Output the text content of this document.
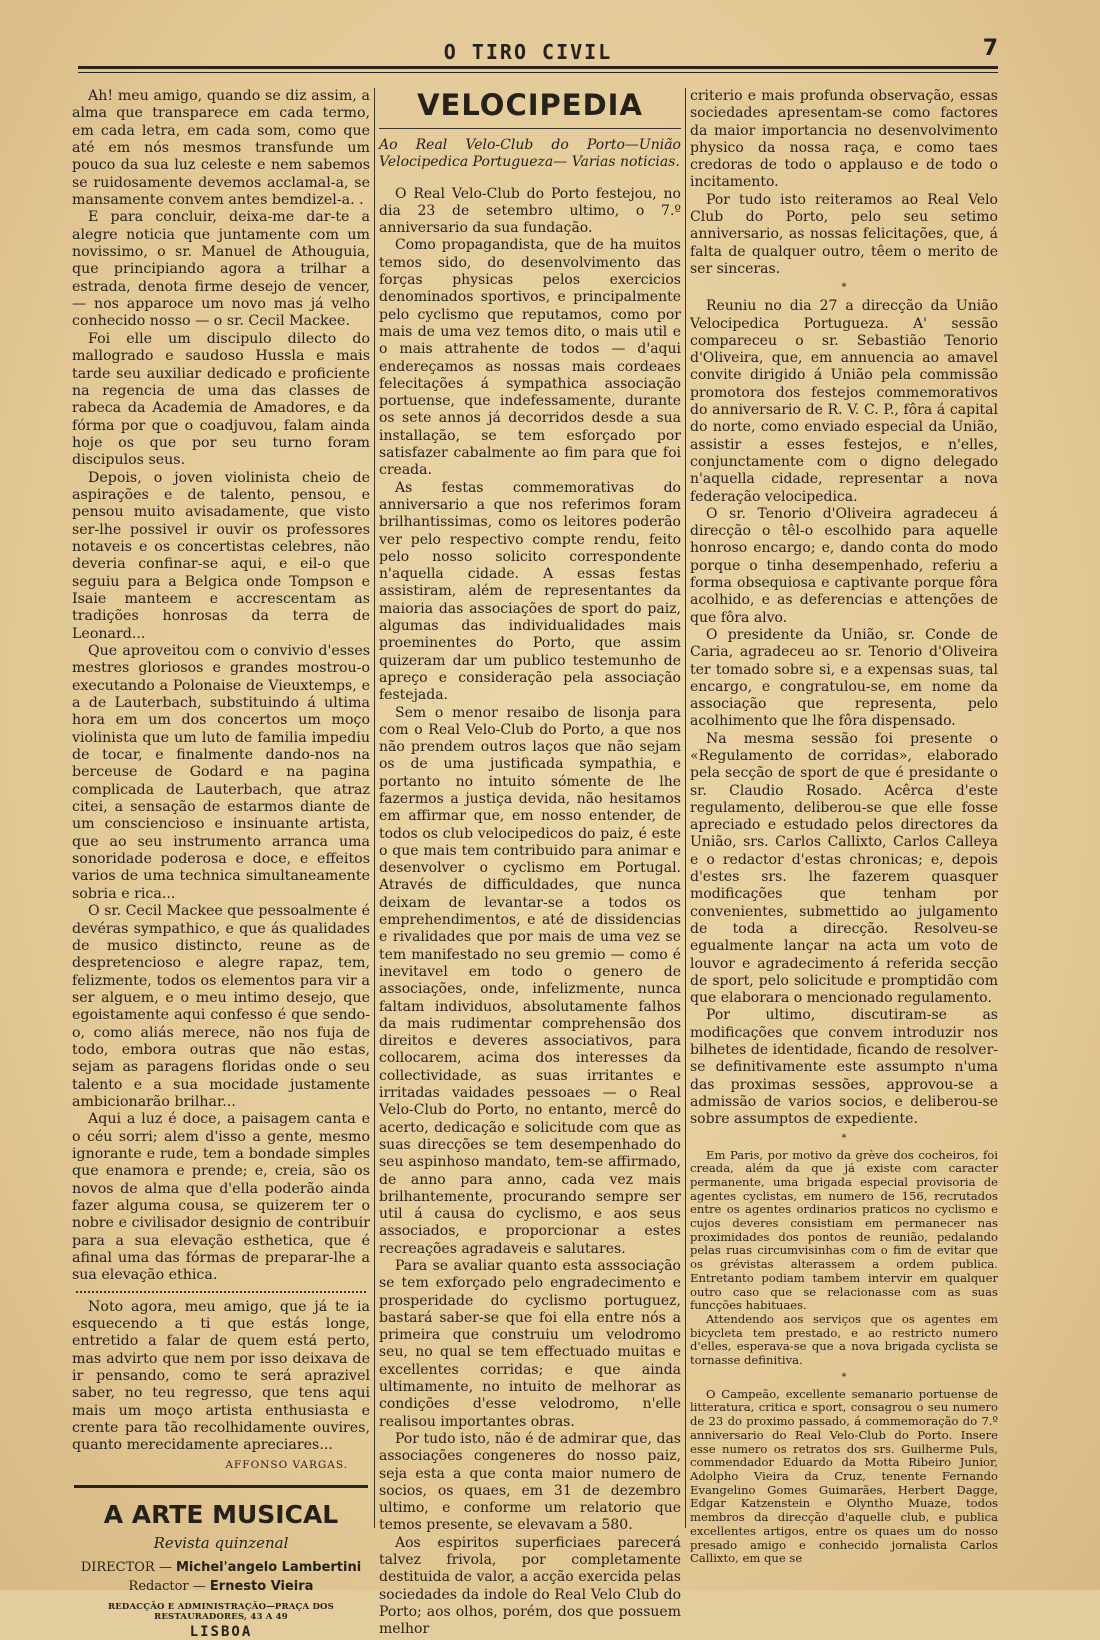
O TIRO CIVIL	7

Ah! meu amigo, quando se diz assim, a alma que transparece em cada termo, em cada letra, em cada som, como que até em nós mesmos transfunde um pouco da sua luz celeste e nem sabemos se ruidosamente devemos acclamal-a, se mansamente convem antes bemdizel-a. .

E para concluir, deixa-me dar-te a alegre noticia que juntamente com um novissimo, o sr. Manuel de Athouguia, que principiando agora a trilhar a estrada, denota firme desejo de vencer, — nos apparoce um novo mas já velho conhecido nosso — o sr. Cecil Mackee.

Foi elle um discipulo dilecto do mallogrado e saudoso Hussla e mais tarde seu auxiliar dedicado e proficiente na regencia de uma das classes de rabeca da Academia de Amadores, e da fórma por que o coadjuvou, falam ainda hoje os que por seu turno foram discipulos seus.

Depois, o joven violinista cheio de aspirações e de talento, pensou, e pensou muito avisadamente, que visto ser-lhe possivel ir ouvir os professores notaveis e os concertistas celebres, não deveria confinar-se aqui, e eil-o que seguiu para a Belgica onde Tompson e Isaie manteem e accrescentam as tradições honrosas da terra de Leonard...

Que aproveitou com o convivio d'esses mestres gloriosos e grandes mostrou-o executando a Polonaise de Vieuxtemps, e a de Lauterbach, substituindo á ultima hora em um dos concertos um moço violinista que um luto de familia impediu de tocar, e finalmente dando-nos na berceuse de Godard e na pagina complicada de Lauterbach, que atraz citei, a sensação de estarmos diante de um consciencioso e insinuante artista, que ao seu instrumento arranca uma sonoridade poderosa e doce, e effeitos varios de uma technica simultaneamente sobria e rica...

O sr. Cecil Mackee que pessoalmente é devéras sympathico, e que ás qualidades de musico distincto, reune as de despretencioso e alegre rapaz, tem, felizmente, todos os elementos para vir a ser alguem, e o meu intimo desejo, que egoistamente aqui confesso é que sendo-o, como aliás merece, não nos fuja de todo, embora outras que não estas, sejam as paragens floridas onde o seu talento e a sua mocidade justamente ambicionarão brilhar...

Aqui a luz é doce, a paisagem canta e o céu sorri; alem d'isso a gente, mesmo ignorante e rude, tem a bondade simples que enamora e prende; e, creia, são os novos de alma que d'ella poderão ainda fazer alguma cousa, se quizerem ter o nobre e civilisador designio de contribuir para a sua elevação esthetica, que é afinal uma das fórmas de preparar-lhe a sua elevação ethica.

Noto agora, meu amigo, que já te ia esquecendo a ti que estás longe, entretido a falar de quem está perto, mas advirto que nem por isso deixava de ir pensando, como te será aprazivel saber, no teu regresso, que tens aqui mais um moço artista enthusiasta e crente para tão recolhidamente ouvires, quanto merecidamente apreciares...

AFFONSO VARGAS.
A ARTE MUSICAL
Revista quinzenal
DIRECTOR — Michel'angelo Lambertini
Redactor — Ernesto Vieira
REDACÇÃO E ADMINISTRAÇÃO—PRAÇA DOS RESTAURADORES, 43 A 49
LISBOA
VELOCIPEDIA

Ao Real Velo-Club do Porto—União Velocipedica Portugueza— Varias noticias.

O Real Velo-Club do Porto festejou, no dia 23 de setembro ultimo, o 7.º anniversario da sua fundação.

Como propagandista, que de ha muitos temos sido, do desenvolvimento das forças physicas pelos exercicios denominados sportivos, e principalmente pelo cyclismo que reputamos, como por mais de uma vez temos dito, o mais util e o mais attrahente de todos — d'aqui endereçamos as nossas mais cordeaes felecitações á sympathica associação portuense, que indefessamente, durante os sete annos já decorridos desde a sua installação, se tem esforçado por satisfazer cabalmente ao fim para que foi creada.

As festas commemorativas do anniversario a que nos referimos foram brilhantissimas, como os leitores poderão ver pelo respectivo compte rendu, feito pelo nosso solicito correspondente n'aquella cidade. A essas festas assistiram, além de representantes da maioria das associações de sport do paiz, algumas das individualidades mais proeminentes do Porto, que assim quizeram dar um publico testemunho de apreço e consideração pela associação festejada.

Sem o menor resaibo de lisonja para com o Real Velo-Club do Porto, a que nos não prendem outros laços que não sejam os de uma justificada sympathia, e portanto no intuito sómente de lhe fazermos a justiça devida, não hesitamos em affirmar que, em nosso entender, de todos os club velocipedicos do paiz, é este o que mais tem contribuido para animar e desenvolver o cyclismo em Portugal. Através de difficuldades, que nunca deixam de levantar-se a todos os emprehendimentos, e até de dissidencias e rivalidades que por mais de uma vez se tem manifestado no seu gremio — como é inevitavel em todo o genero de associações, onde, infelizmente, nunca faltam individuos, absolutamente falhos da mais rudimentar comprehensão dos direitos e deveres associativos, para collocarem, acima dos interesses da collectividade, as suas irritantes e irritadas vaidades pessoaes — o Real Velo-Club do Porto, no entanto, mercê do acerto, dedicação e solicitude com que as suas direcções se tem desempenhado do seu aspinhoso mandato, tem-se affirmado, de anno para anno, cada vez mais brilhantemente, procurando sempre ser util á causa do cyclismo, e aos seus associados, e proporcionar a estes recreações agradaveis e salutares.

Para se avaliar quanto esta asssociação se tem exforçado pelo engradecimento e prosperidade do cyclismo portuguez, bastará saber-se que foi ella entre nós a primeira que construiu um velodromo seu, no qual se tem effectuado muitas e excellentes corridas; e que ainda ultimamente, no intuito de melhorar as condições d'esse velodromo, n'elle realisou importantes obras.

Por tudo isto, não é de admirar que, das associações congeneres do nosso paiz, seja esta a que conta maior numero de socios, os quaes, em 31 de dezembro ultimo, e conforme um relatorio que temos presente, se elevavam a 580.

Aos espiritos superficiaes parecerá talvez frivola, por completamente destituida de valor, a acção exercida pelas sociedades da indole do Real Velo Club do Porto; aos olhos, porém, dos que possuem melhor

criterio e mais profunda observação, essas sociedades apresentam-se como factores da maior importancia no desenvolvimento physico da nossa raça, e como taes credoras de todo o applauso e de todo o incitamento.

Por tudo isto reiteramos ao Real Velo Club do Porto, pelo seu setimo anniversario, as nossas felicitações, que, á falta de qualquer outro, têem o merito de ser sinceras.

*

Reuniu no dia 27 a direcção da União Velocipedica Portugueza. A' sessão compareceu o sr. Sebastião Tenorio d'Oliveira, que, em annuencia ao amavel convite dirigido á União pela commissão promotora dos festejos commemorativos do anniversario de R. V. C. P., fôra á capital do norte, como enviado especial da União, assistir a esses festejos, e n'elles, conjunctamente com o digno delegado n'aquella cidade, representar a nova federação velocipedica.

O sr. Tenorio d'Oliveira agradeceu á direcção o têl-o escolhido para aquelle honroso encargo; e, dando conta do modo porque o tinha desempenhado, referiu a forma obsequiosa e captivante porque fôra acolhido, e as deferencias e attenções de que fôra alvo.

O presidente da União, sr. Conde de Caria, agradeceu ao sr. Tenorio d'Oliveira ter tomado sobre si, e a expensas suas, tal encargo, e congratulou-se, em nome da associação que representa, pelo acolhimento que lhe fôra dispensado.

Na mesma sessão foi presente o «Regulamento de corridas», elaborado pela secção de sport de que é presidante o sr. Claudio Rosado. Acêrca d'este regulamento, deliberou-se que elle fosse apreciado e estudado pelos directores da União, srs. Carlos Callixto, Carlos Calleya e o redactor d'estas chronicas; e, depois d'estes srs. lhe fazerem quasquer modificações que tenham por convenientes, submettido ao julgamento de toda a direcção. Resolveu-se egualmente lançar na acta um voto de louvor e agradecimento á referida secção de sport, pelo solicitude e promptidão com que elaborara o mencionado regulamento.

Por ultimo, discutiram-se as modificações que convem introduzir nos bilhetes de identidade, ficando de resolver-se definitivamente este assumpto n'uma das proximas sessões, approvou-se a admissão de varios socios, e deliberou-se sobre assumptos de expediente.

*

Em Paris, por motivo da grève dos cocheiros, foi creada, além da que já existe com caracter permanente, uma brigada especial provisoria de agentes cyclistas, em numero de 156, recrutados entre os agentes ordinarios praticos no cyclismo e cujos deveres consistiam em permanecer nas proximidades dos pontos de reunião, pedalando pelas ruas circumvisinhas com o fim de evitar que os grévistas alterassem a ordem publica. Entretanto podiam tambem intervir em qualquer outro caso que se relacionasse com as suas funcções habituaes.

Attendendo aos serviços que os agentes em bicycleta tem prestado, e ao restricto numero d'elles, esperava-se que a nova brigada cyclista se tornasse definitiva.

*

O Campeão, excellente semanario portuense de litteratura, critica e sport, consagrou o seu numero de 23 do proximo passado, á commemoração do 7.º anniversario do Real Velo-Club do Porto. Insere esse numero os retratos dos srs. Guilherme Puls, commendador Eduardo da Motta Ribeiro Junior, Adolpho Vieira da Cruz, tenente Fernando Evangelino Gomes Guimarães, Herbert Dagge, Edgar Katzenstein e Olyntho Muaze, todos membros da direcção d'aquelle club, e publica excellentes artigos, entre os quaes um do nosso presado amigo e conhecido jornalista Carlos Callixto, em que se
